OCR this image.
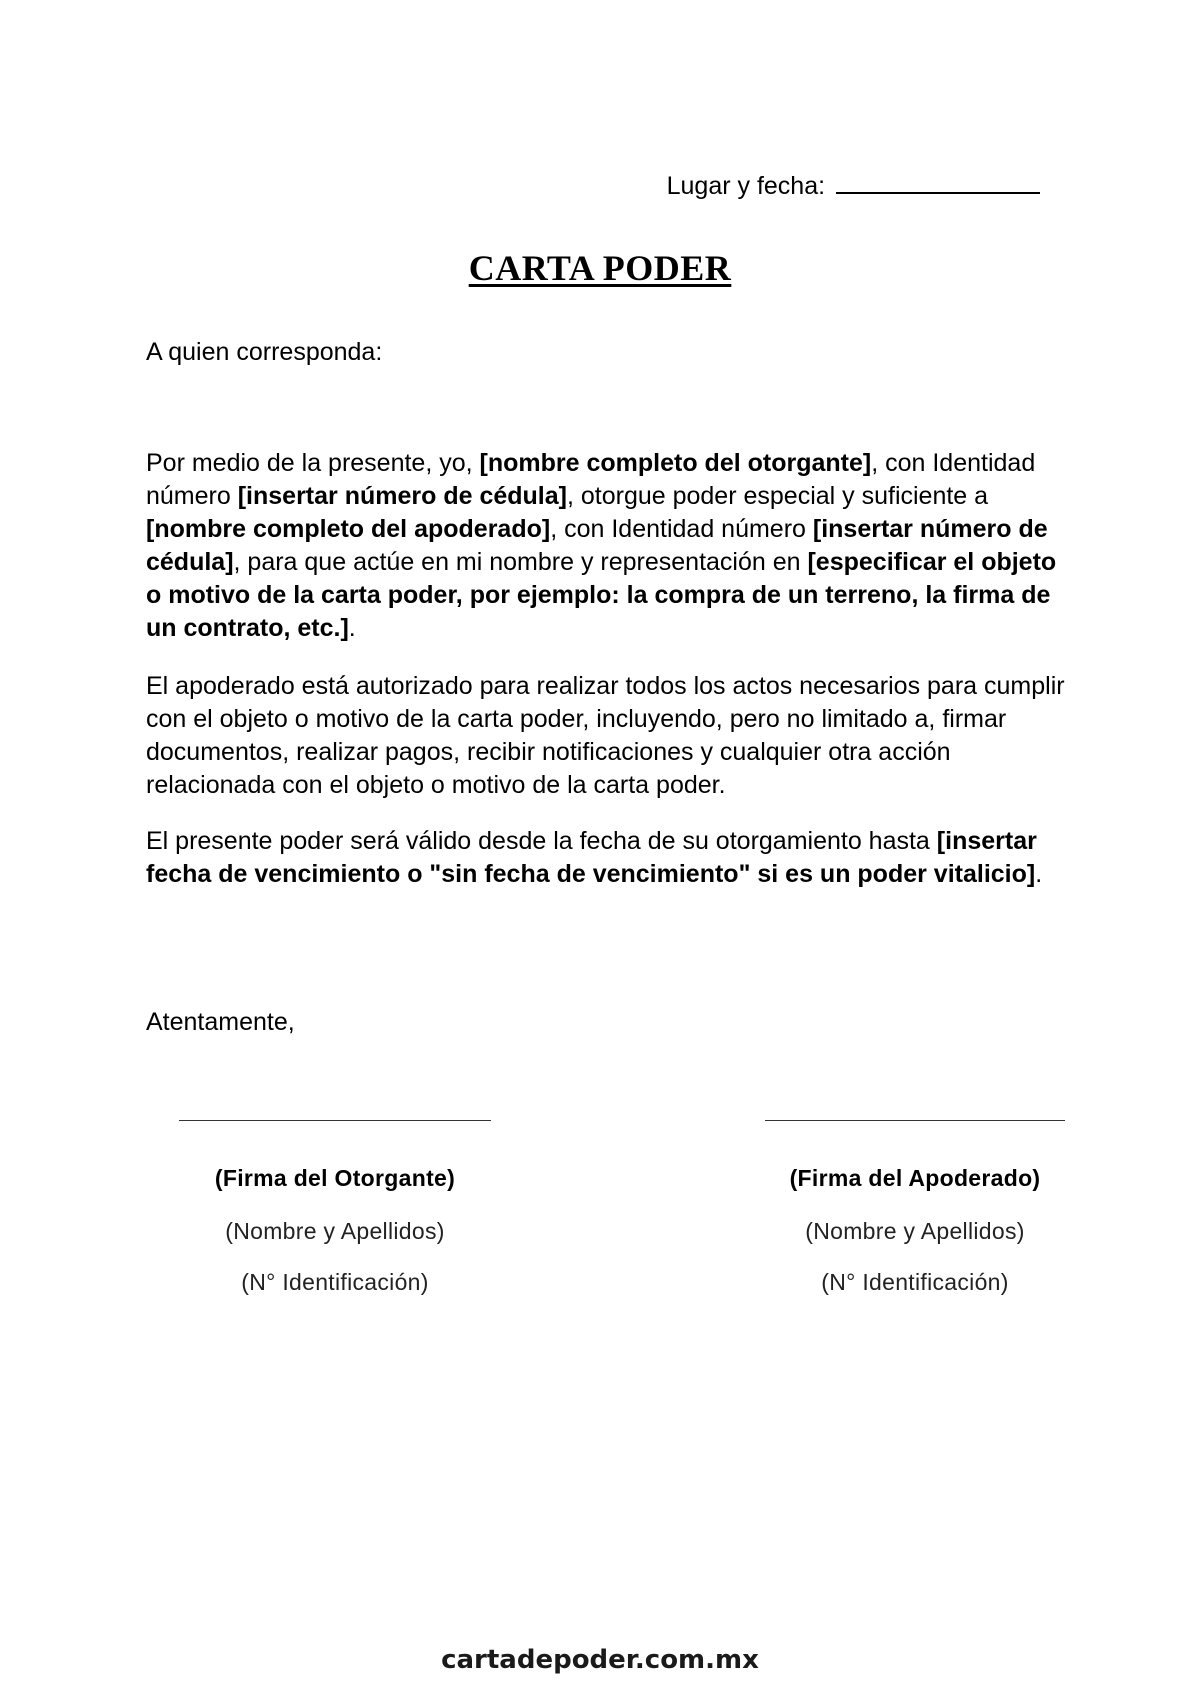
Lugar y fecha:
CARTA PODER
A quien corresponda:
Por medio de la presente, yo, [nombre completo del otorgante], con Identidad número [insertar número de cédula], otorgue poder especial y suficiente a [nombre completo del apoderado], con Identidad número [insertar número de cédula], para que actúe en mi nombre y representación en [especificar el objeto o motivo de la carta poder, por ejemplo: la compra de un terreno, la firma de un contrato, etc.].
El apoderado está autorizado para realizar todos los actos necesarios para cumplir con el objeto o motivo de la carta poder, incluyendo, pero no limitado a, firmar documentos, realizar pagos, recibir notificaciones y cualquier otra acción relacionada con el objeto o motivo de la carta poder.
El presente poder será válido desde la fecha de su otorgamiento hasta [insertar fecha de vencimiento o "sin fecha de vencimiento" si es un poder vitalicio].
Atentamente,
(Firma del Otorgante)
(Nombre y Apellidos)
(N° Identificación)
(Firma del Apoderado)
(Nombre y Apellidos)
(N° Identificación)
cartadepoder.com.mx
